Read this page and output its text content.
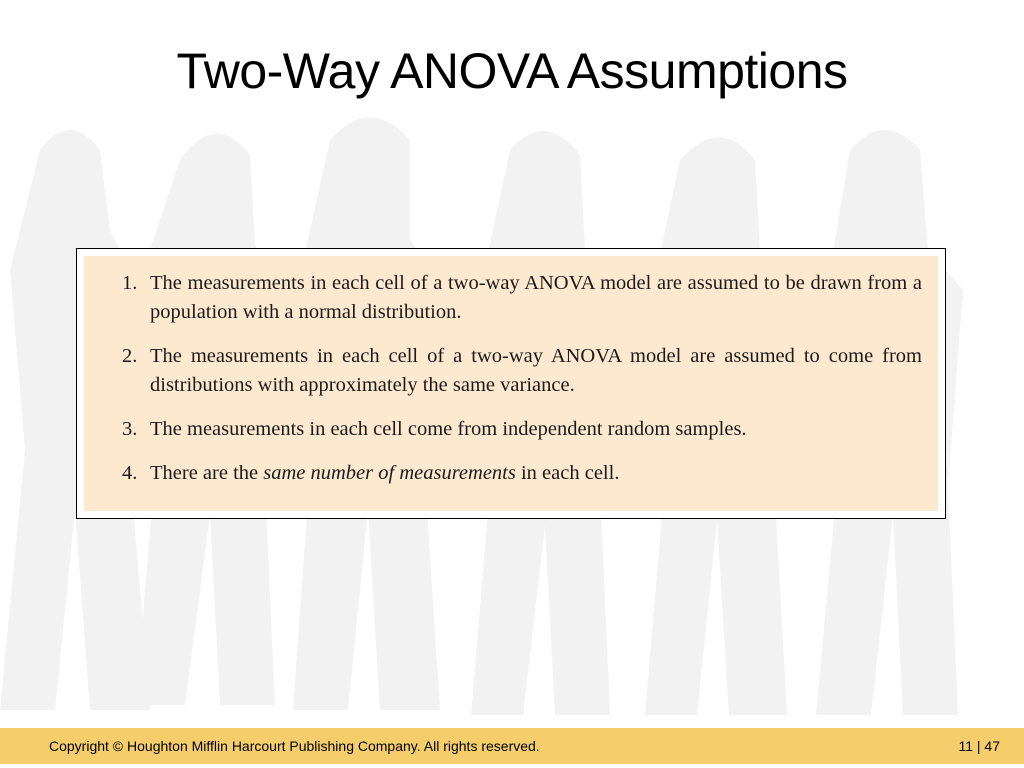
Two-Way ANOVA Assumptions
1. The measurements in each cell of a two-way ANOVA model are assumed to be drawn from a population with a normal distribution.
2. The measurements in each cell of a two-way ANOVA model are assumed to come from distributions with approximately the same variance.
3. The measurements in each cell come from independent random samples.
4. There are the same number of measurements in each cell.
Copyright © Houghton Mifflin Harcourt Publishing Company. All rights reserved.	11 | 47
